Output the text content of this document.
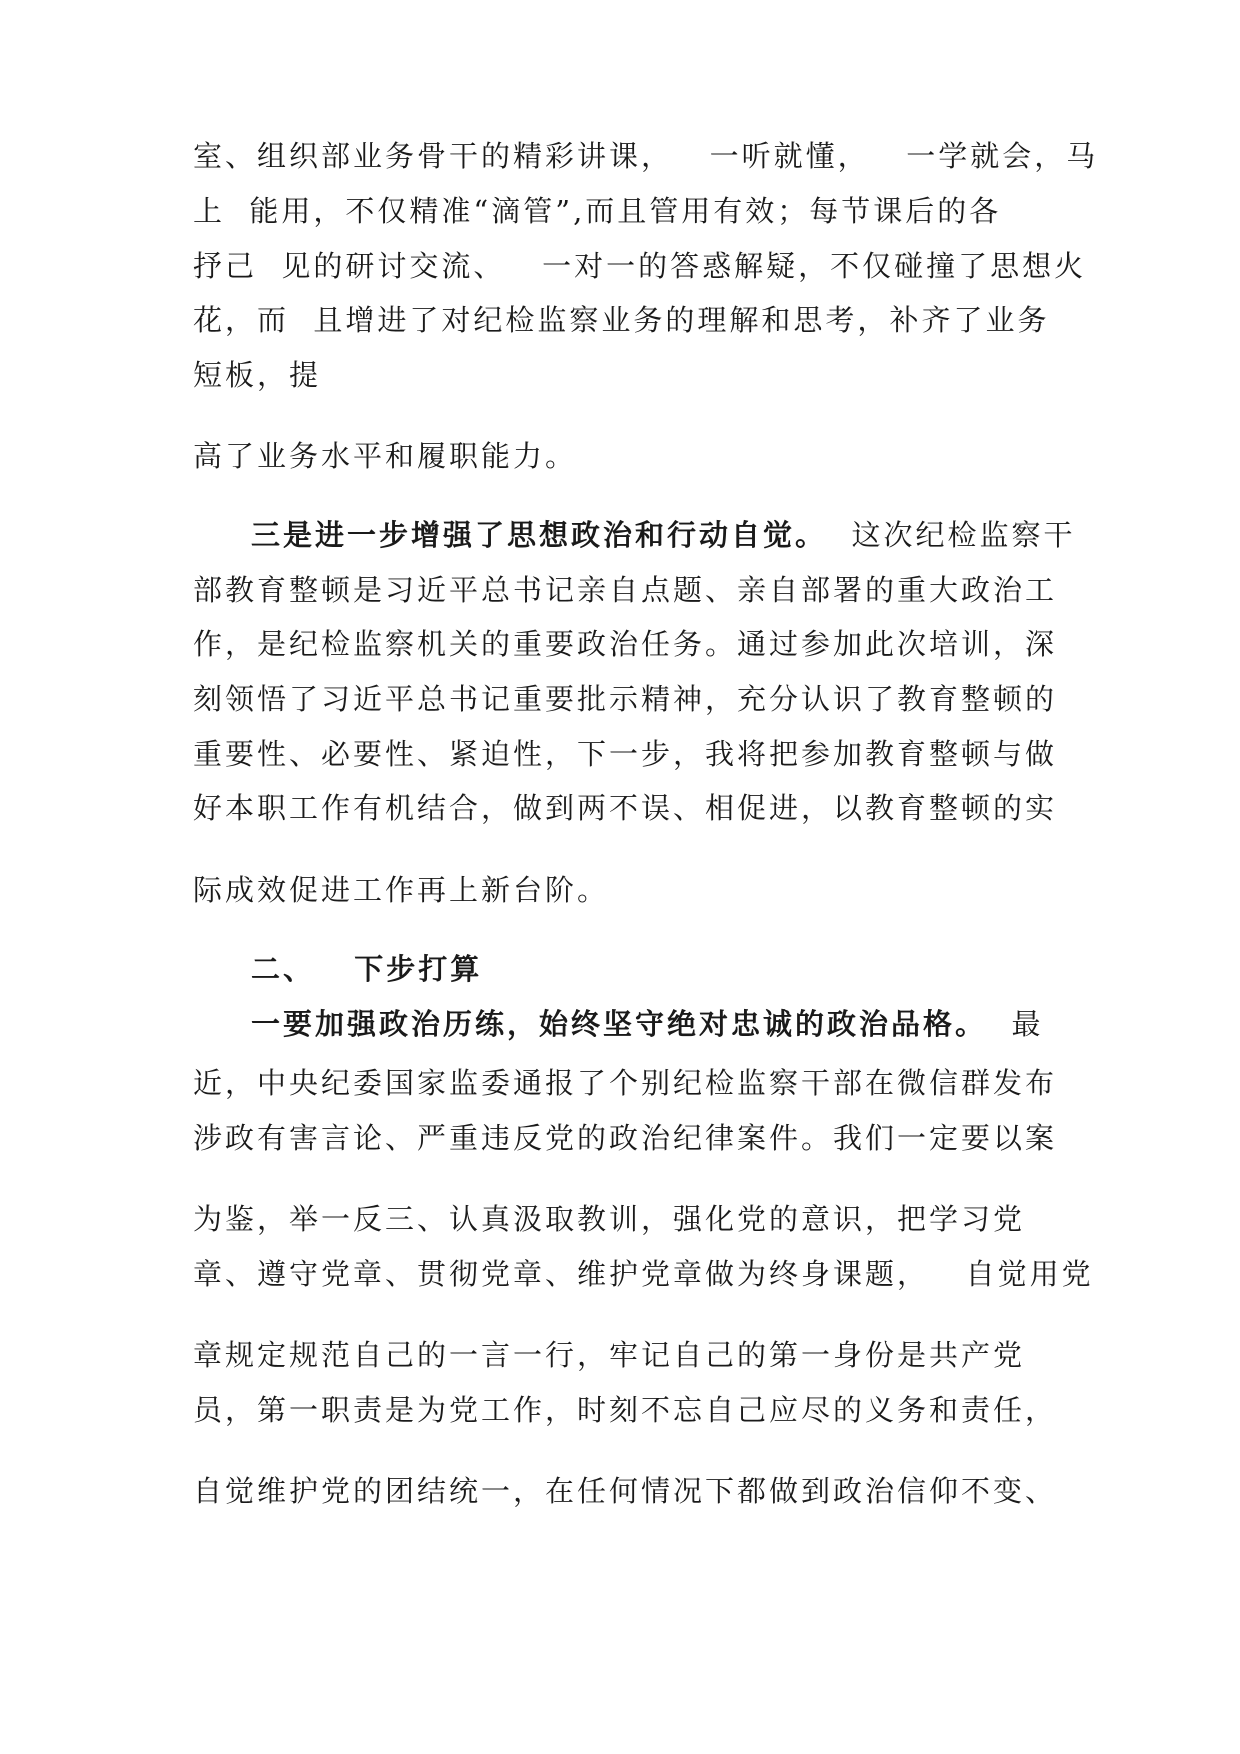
室、组织部业务骨干的精彩讲课，   一听就懂，   一学就会，马
上  能用，不仅精准“滴管”,而且管用有效；每节课后的各
抒己  见的研讨交流、   一对一的答惑解疑，不仅碰撞了思想火
花，而  且增进了对纪检监察业务的理解和思考，补齐了业务
短板，提
高了业务水平和履职能力。
三是进一步增强了思想政治和行动自觉。  这次纪检监察干
部教育整顿是习近平总书记亲自点题、亲自部署的重大政治工
作，是纪检监察机关的重要政治任务。通过参加此次培训，深
刻领悟了习近平总书记重要批示精神，充分认识了教育整顿的
重要性、必要性、紧迫性，下一步，我将把参加教育整顿与做
好本职工作有机结合，做到两不误、相促进，以教育整顿的实
际成效促进工作再上新台阶。
二、   下步打算
一要加强政治历练，始终坚守绝对忠诚的政治品格。  最
近，中央纪委国家监委通报了个别纪检监察干部在微信群发布
涉政有害言论、严重违反党的政治纪律案件。我们一定要以案
为鉴，举一反三、认真汲取教训，强化党的意识，把学习党
章、遵守党章、贯彻党章、维护党章做为终身课题，   自觉用党
章规定规范自己的一言一行，牢记自己的第一身份是共产党
员，第一职责是为党工作，时刻不忘自己应尽的义务和责任，
自觉维护党的团结统一，在任何情况下都做到政治信仰不变、
